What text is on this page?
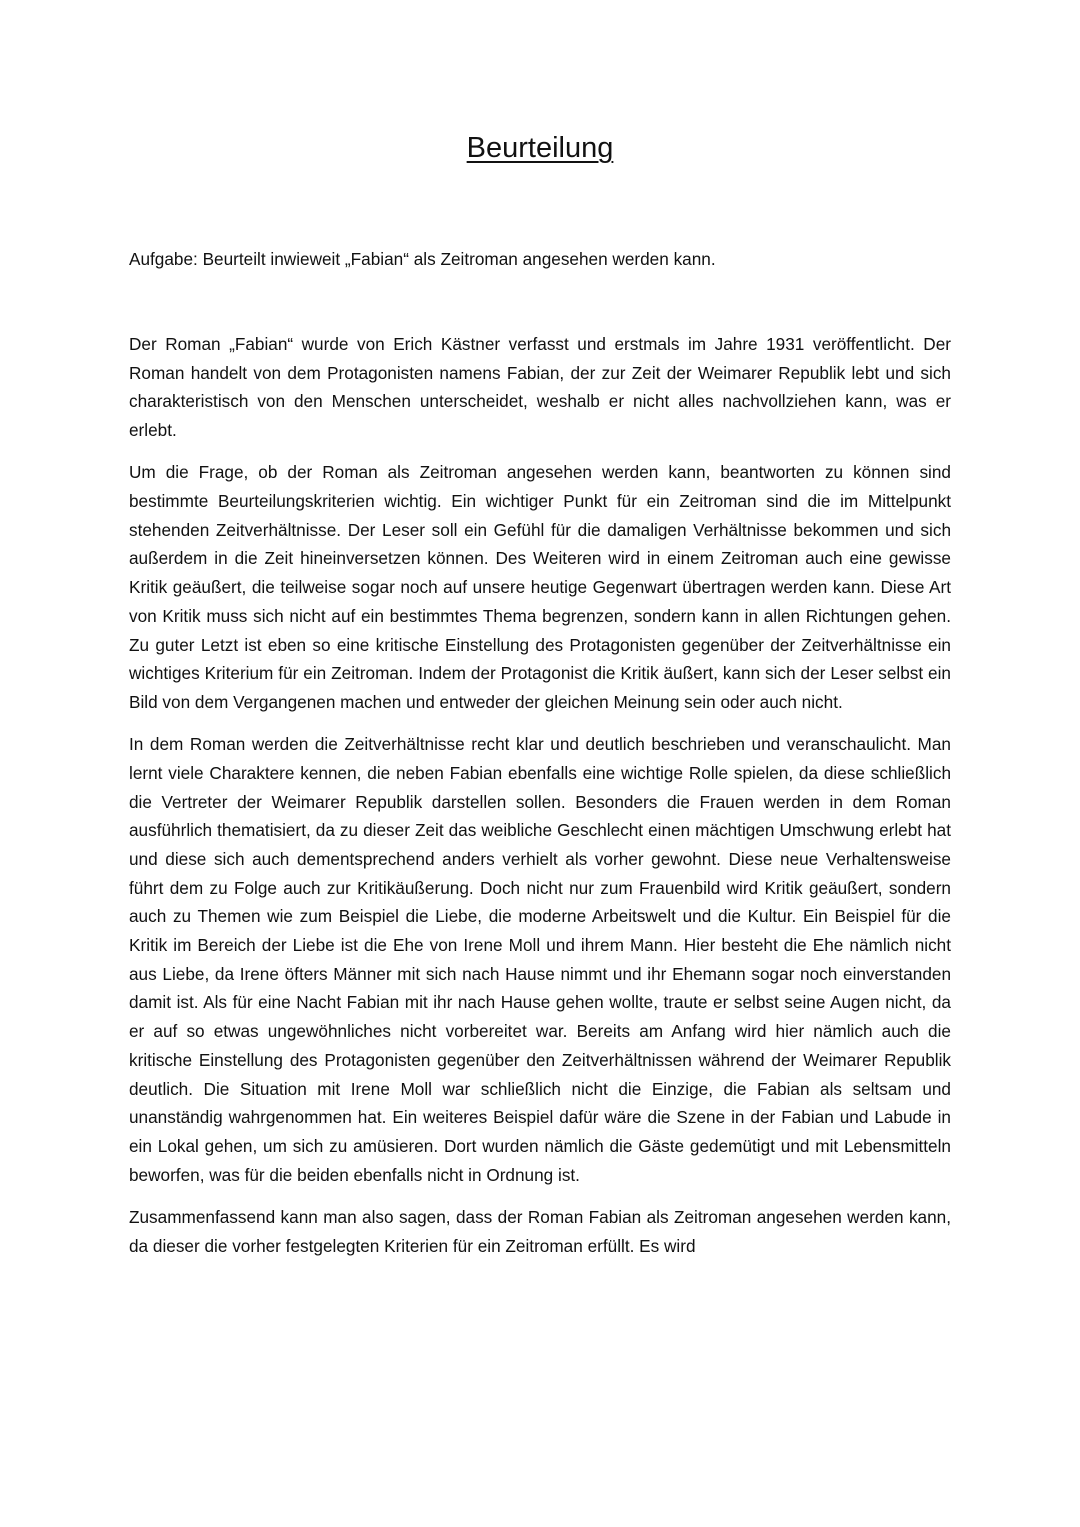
Beurteilung

Aufgabe: Beurteilt inwieweit „Fabian“ als Zeitroman angesehen werden kann.

Der Roman „Fabian“ wurde von Erich Kästner verfasst und erstmals im Jahre 1931 veröffentlicht. Der Roman handelt von dem Protagonisten namens Fabian, der zur Zeit der Weimarer Republik lebt und sich charakteristisch von den Menschen unterscheidet, weshalb er nicht alles nachvollziehen kann, was er erlebt.

Um die Frage, ob der Roman als Zeitroman angesehen werden kann, beantworten zu können sind bestimmte Beurteilungskriterien wichtig. Ein wichtiger Punkt für ein Zeitroman sind die im Mittelpunkt stehenden Zeitverhältnisse. Der Leser soll ein Gefühl für die damaligen Verhältnisse bekommen und sich außerdem in die Zeit hineinversetzen können. Des Weiteren wird in einem Zeitroman auch eine gewisse Kritik geäußert, die teilweise sogar noch auf unsere heutige Gegenwart übertragen werden kann. Diese Art von Kritik muss sich nicht auf ein bestimmtes Thema begrenzen, sondern kann in allen Richtungen gehen. Zu guter Letzt ist eben so eine kritische Einstellung des Protagonisten gegenüber der Zeitverhältnisse ein wichtiges Kriterium für ein Zeitroman. Indem der Protagonist die Kritik äußert, kann sich der Leser selbst ein Bild von dem Vergangenen machen und entweder der gleichen Meinung sein oder auch nicht.

In dem Roman werden die Zeitverhältnisse recht klar und deutlich beschrieben und veranschaulicht. Man lernt viele Charaktere kennen, die neben Fabian ebenfalls eine wichtige Rolle spielen, da diese schließlich die Vertreter der Weimarer Republik darstellen sollen. Besonders die Frauen werden in dem Roman ausführlich thematisiert, da zu dieser Zeit das weibliche Geschlecht einen mächtigen Umschwung erlebt hat und diese sich auch dementsprechend anders verhielt als vorher gewohnt. Diese neue Verhaltensweise führt dem zu Folge auch zur Kritikäußerung. Doch nicht nur zum Frauenbild wird Kritik geäußert, sondern auch zu Themen wie zum Beispiel die Liebe, die moderne Arbeitswelt und die Kultur. Ein Beispiel für die Kritik im Bereich der Liebe ist die Ehe von Irene Moll und ihrem Mann. Hier besteht die Ehe nämlich nicht aus Liebe, da Irene öfters Männer mit sich nach Hause nimmt und ihr Ehemann sogar noch einverstanden damit ist. Als für eine Nacht Fabian mit ihr nach Hause gehen wollte, traute er selbst seine Augen nicht, da er auf so etwas ungewöhnliches nicht vorbereitet war. Bereits am Anfang wird hier nämlich auch die kritische Einstellung des Protagonisten gegenüber den Zeitverhältnissen während der Weimarer Republik deutlich. Die Situation mit Irene Moll war schließlich nicht die Einzige, die Fabian als seltsam und unanständig wahrgenommen hat. Ein weiteres Beispiel dafür wäre die Szene in der Fabian und Labude in ein Lokal gehen, um sich zu amüsieren. Dort wurden nämlich die Gäste gedemütigt und mit Lebensmitteln beworfen, was für die beiden ebenfalls nicht in Ordnung ist.

Zusammenfassend kann man also sagen, dass der Roman Fabian als Zeitroman angesehen werden kann, da dieser die vorher festgelegten Kriterien für ein Zeitroman erfüllt. Es wird
